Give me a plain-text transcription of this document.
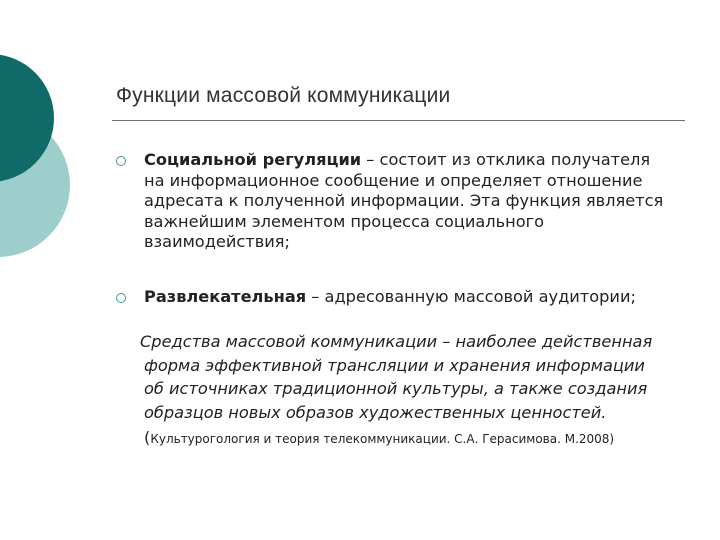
Функции массовой коммуникации
Социальной регуляции – состоит из отклика получателя на информационное сообщение и определяет отношение адресата к полученной информации. Эта функция является важнейшим элементом процесса социального взаимодействия;
Развлекательная – адресованную массовой аудитории;
Средства массовой коммуникации – наиболее действенная форма эффективной трансляции и хранения информации об источниках традиционной культуры, а также создания образцов новых образов художественных ценностей. (Культурогология и теория телекоммуникации. С.А. Герасимова. М.2008)
